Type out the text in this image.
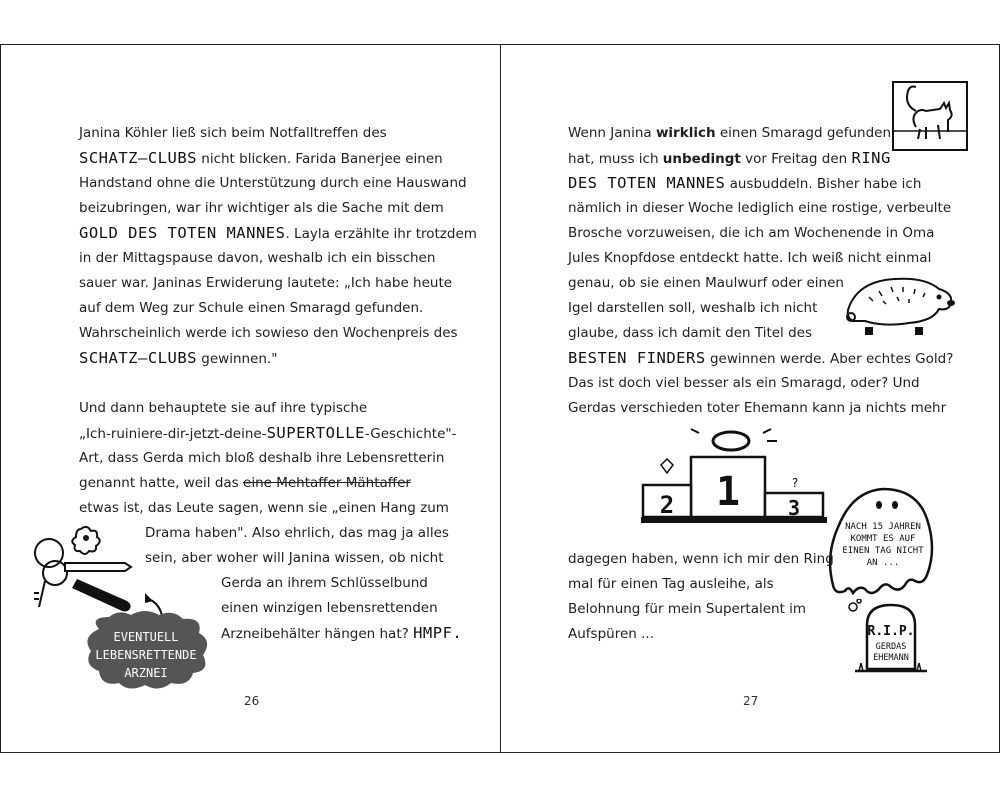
Janina Köhler ließ sich beim Notfalltreffen des
SCHATZ–CLUBS nicht blicken. Farida Banerjee einen
Handstand ohne die Unterstützung durch eine Hauswand
beizubringen, war ihr wichtiger als die Sache mit dem
GOLD DES TOTEN MANNES. Layla erzählte ihr trotzdem
in der Mittagspause davon, weshalb ich ein bisschen
sauer war. Janinas Erwiderung lautete: „Ich habe heute
auf dem Weg zur Schule einen Smaragd gefunden.
Wahrscheinlich werde ich sowieso den Wochenpreis des
SCHATZ–CLUBS gewinnen."
Und dann behauptete sie auf ihre typische
„Ich-ruiniere-dir-jetzt-deine-SUPERTOLLE-Geschichte"-
Art, dass Gerda mich bloß deshalb ihre Lebensretterin
genannt hatte, weil das eine Mehtaffer Mähtaffer
etwas ist, das Leute sagen, wenn sie „einen Hang zum
Drama haben". Also ehrlich, das mag ja alles
sein, aber woher will Janina wissen, ob nicht
Gerda an ihrem Schlüsselbund
einen winzigen lebensrettenden
Arzneibehälter hängen hat? HMPF.
EVENTUELL
LEBENSRETTENDE
ARZNEI
26
Wenn Janina wirklich einen Smaragd gefunden
hat, muss ich unbedingt vor Freitag den RING
DES TOTEN MANNES ausbuddeln. Bisher habe ich
nämlich in dieser Woche lediglich eine rostige, verbeulte
Brosche vorzuweisen, die ich am Wochenende in Oma
Jules Knopfdose entdeckt hatte. Ich weiß nicht einmal
genau, ob sie einen Maulwurf oder einen
Igel darstellen soll, weshalb ich nicht
glaube, dass ich damit den Titel des
BESTEN FINDERS gewinnen werde. Aber echtes Gold?
Das ist doch viel besser als ein Smaragd, oder? Und
Gerdas verschieden toter Ehemann kann ja nichts mehr
1
2	3
?
NACH 15 JAHREN
KOMMT ES AUF
EINEN TAG NICHT
AN ...
R.I.P.
GERDAS
EHEMANN
dagegen haben, wenn ich mir den Ring
mal für einen Tag ausleihe, als
Belohnung für mein Supertalent im
Aufspüren ...
27
